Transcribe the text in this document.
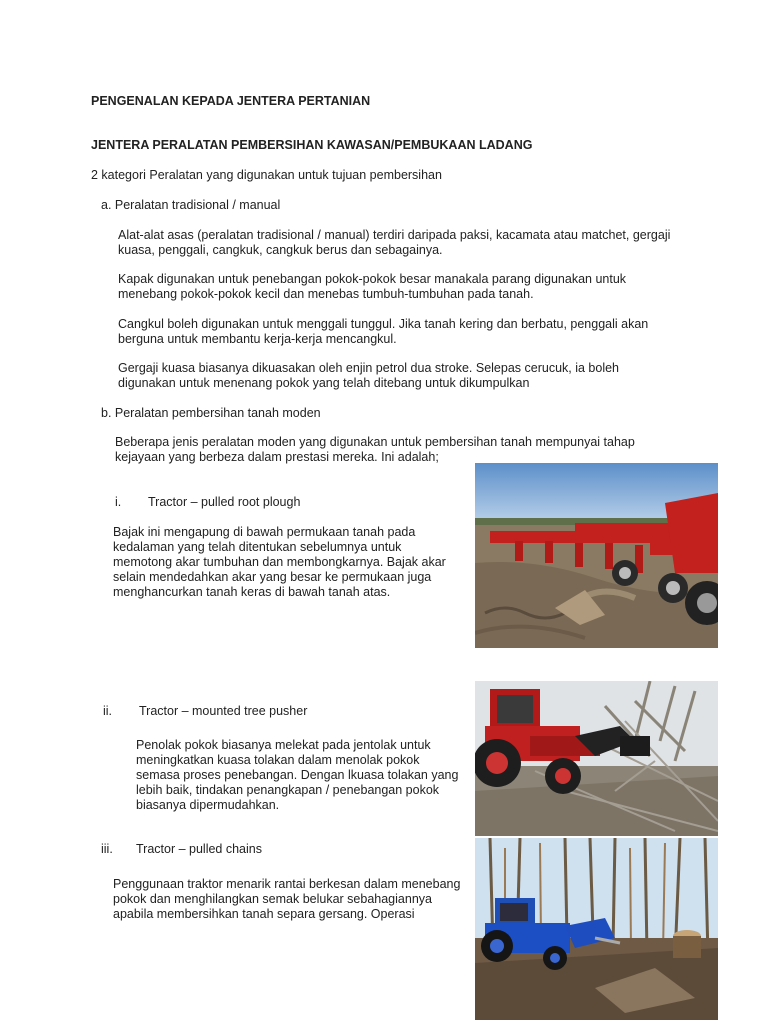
PENGENALAN KEPADA JENTERA PERTANIAN
JENTERA PERALATAN PEMBERSIHAN KAWASAN/PEMBUKAAN LADANG
2 kategori Peralatan yang digunakan untuk tujuan pembersihan
a. Peralatan tradisional / manual
Alat-alat asas (peralatan tradisional / manual) terdiri daripada paksi, kacamata atau matchet, gergaji
kuasa, penggali, cangkuk, cangkuk berus dan sebagainya.
Kapak digunakan untuk penebangan pokok-pokok besar manakala parang digunakan untuk
menebang pokok-pokok kecil dan menebas tumbuh-tumbuhan pada tanah.
Cangkul boleh digunakan untuk menggali tunggul. Jika tanah kering dan berbatu, penggali akan
berguna untuk membantu kerja-kerja mencangkul.
Gergaji kuasa biasanya dikuasakan oleh enjin petrol dua stroke. Selepas cerucuk, ia boleh
digunakan untuk menenang pokok yang telah ditebang untuk dikumpulkan
b. Peralatan pembersihan tanah moden
Beberapa jenis peralatan moden yang digunakan untuk pembersihan tanah mempunyai tahap
kejayaan yang berbeza dalam prestasi mereka. Ini adalah;
i. Tractor – pulled root plough
Bajak ini mengapung di bawah permukaan tanah pada
kedalaman yang telah ditentukan sebelumnya untuk
memotong akar tumbuhan dan membongkarnya. Bajak akar
selain mendedahkan akar yang besar ke permukaan juga
menghancurkan tanah keras di bawah tanah atas.
ii. Tractor – mounted tree pusher
Penolak pokok biasanya melekat pada jentolak untuk
meningkatkan kuasa tolakan dalam menolak pokok
semasa proses penebangan. Dengan lkuasa tolakan yang
lebih baik, tindakan penangkapan / penebangan pokok
biasanya dipermudahkan.
iii. Tractor – pulled chains
Penggunaan traktor menarik rantai berkesan dalam menebang
pokok dan menghilangkan semak belukar sebahagiannya
apabila membersihkan tanah separa gersang. Operasi
